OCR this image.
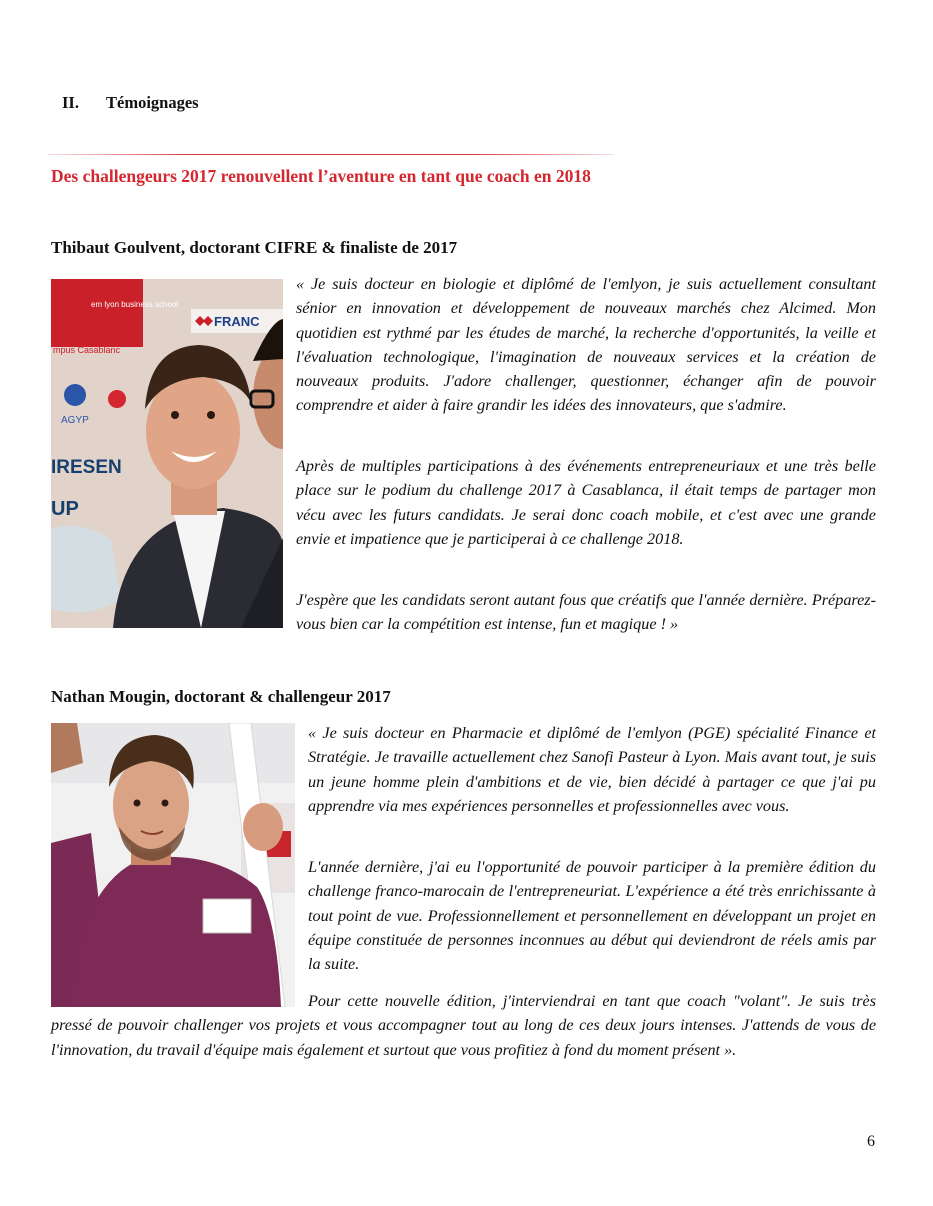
II. Témoignages
Des challengeurs 2017 renouvellent l’aventure en tant que coach en 2018
Thibaut Goulvent, doctorant CIFRE & finaliste de 2017
em lyon business school
FRANC
mpus Casablanc
AGYP
IRESEN
UP

« Je suis docteur en biologie et diplômé de l'emlyon, je suis actuellement consultant sénior en innovation et développement de nouveaux marchés chez Alcimed. Mon quotidien est rythmé par les études de marché, la recherche d'opportunités, la veille et l'évaluation technologique, l'imagination de nouveaux services et la création de nouveaux produits. J'adore challenger, questionner, échanger afin de pouvoir comprendre et aider à faire grandir les idées des innovateurs, que s'admire.

Après de multiples participations à des événements entrepreneuriaux et une très belle place sur le podium du challenge 2017 à Casablanca, il était temps de partager mon vécu avec les futurs candidats. Je serai donc coach mobile, et c'est avec une grande envie et impatience que je participerai à ce challenge 2018.

J'espère que les candidats seront autant fous que créatifs que l'année dernière. Préparez-vous bien car la compétition est intense, fun et magique ! »

Nathan Mougin, doctorant & challengeur 2017

« Je suis docteur en Pharmacie et diplômé de l'emlyon (PGE) spécialité Finance et Stratégie. Je travaille actuellement chez Sanofi Pasteur à Lyon. Mais avant tout, je suis un jeune homme plein d'ambitions et de vie, bien décidé à partager ce que j'ai pu apprendre via mes expériences personnelles et professionnelles avec vous.

L'année dernière, j'ai eu l'opportunité de pouvoir participer à la première édition du challenge franco-marocain de l'entrepreneuriat. L'expérience a été très enrichissante à tout point de vue. Professionnellement et personnellement en développant un projet en équipe constituée de personnes inconnues au début qui deviendront de réels amis par la suite.

Pour cette nouvelle édition, j'interviendrai en tant que coach "volant". Je suis très pressé de pouvoir challenger vos projets et vous accompagner tout au long de ces deux jours intenses. J'attends de vous de l'innovation, du travail d'équipe mais également et surtout que vous profitiez à fond du moment présent ».

6
